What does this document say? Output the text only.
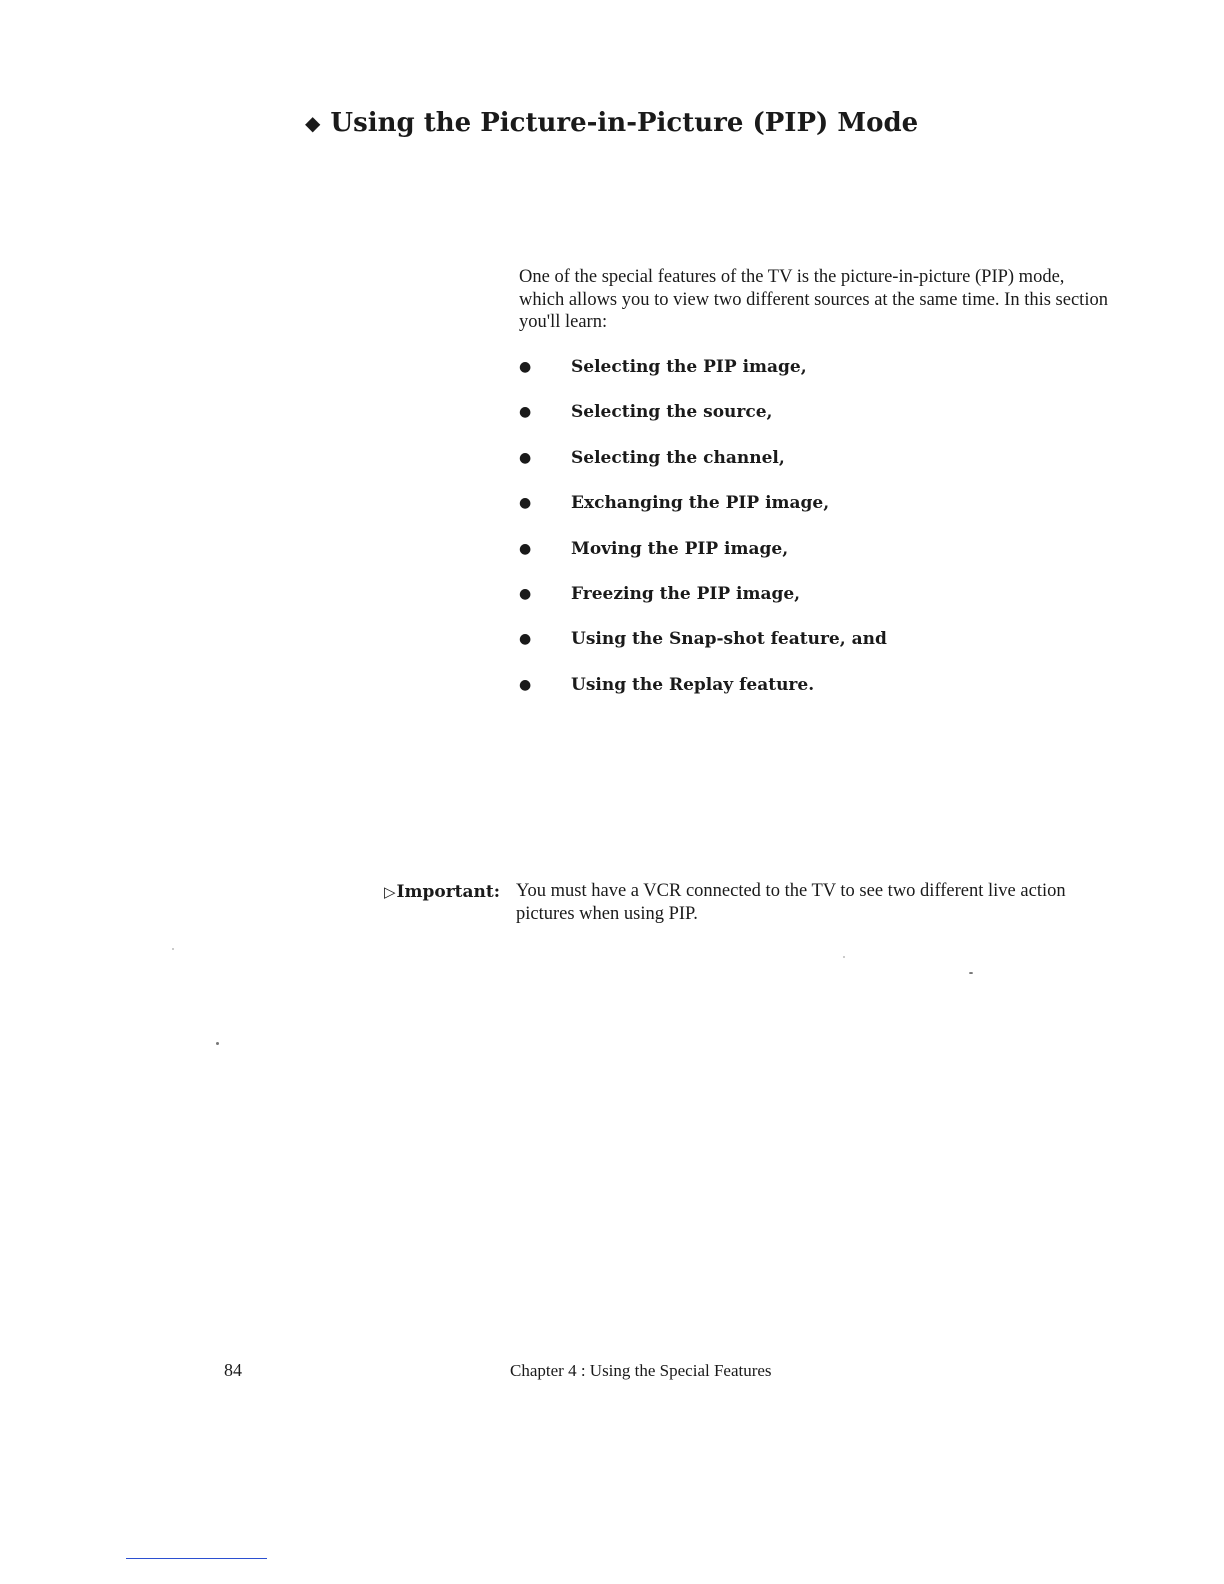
◆ Using the Picture-in-Picture (PIP) Mode
One of the special features of the TV is the picture-in-picture (PIP) mode, which allows you to view two different sources at the same time. In this section you'll learn:
●	Selecting the PIP image,
●	Selecting the source,
●	Selecting the channel,
●	Exchanging the PIP image,
●	Moving the PIP image,
●	Freezing the PIP image,
●	Using the Snap-shot feature, and
●	Using the Replay feature.
▷ Important: You must have a VCR connected to the TV to see two different live action pictures when using PIP.
84	Chapter 4 : Using the Special Features
